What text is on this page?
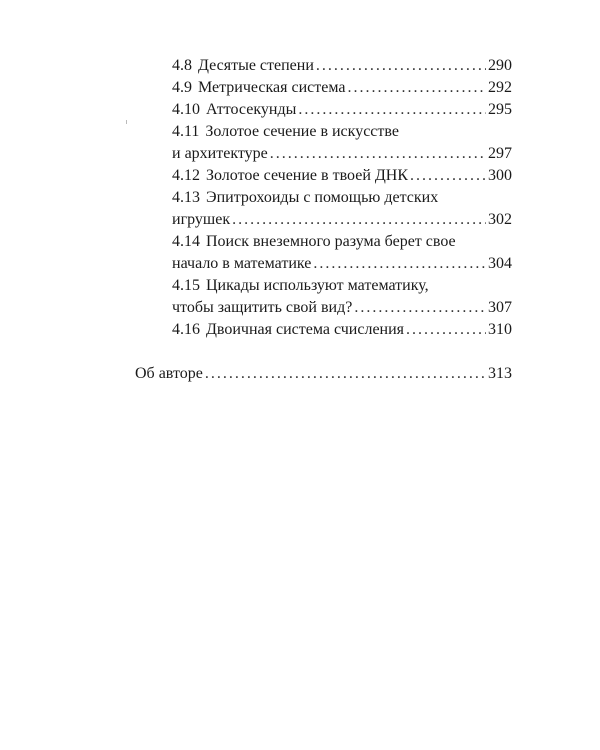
4.8 Десятые степени . . .	290
4.9 Метрическая система . . .	292
4.10 Аттосекунды . . .	295
4.11 Золотое сечение в искусстве
и архитектуре . . .	297
4.12 Золотое сечение в твоей ДНК . . .	300
4.13 Эпитрохоиды с помощью детских
игрушек . . .	302
4.14 Поиск внеземного разума берет свое
начало в математике . . .	304
4.15 Цикады используют математику,
чтобы защитить свой вид? . . .	307
4.16 Двоичная система счисления . . .	310
Об авторе . . .	313
